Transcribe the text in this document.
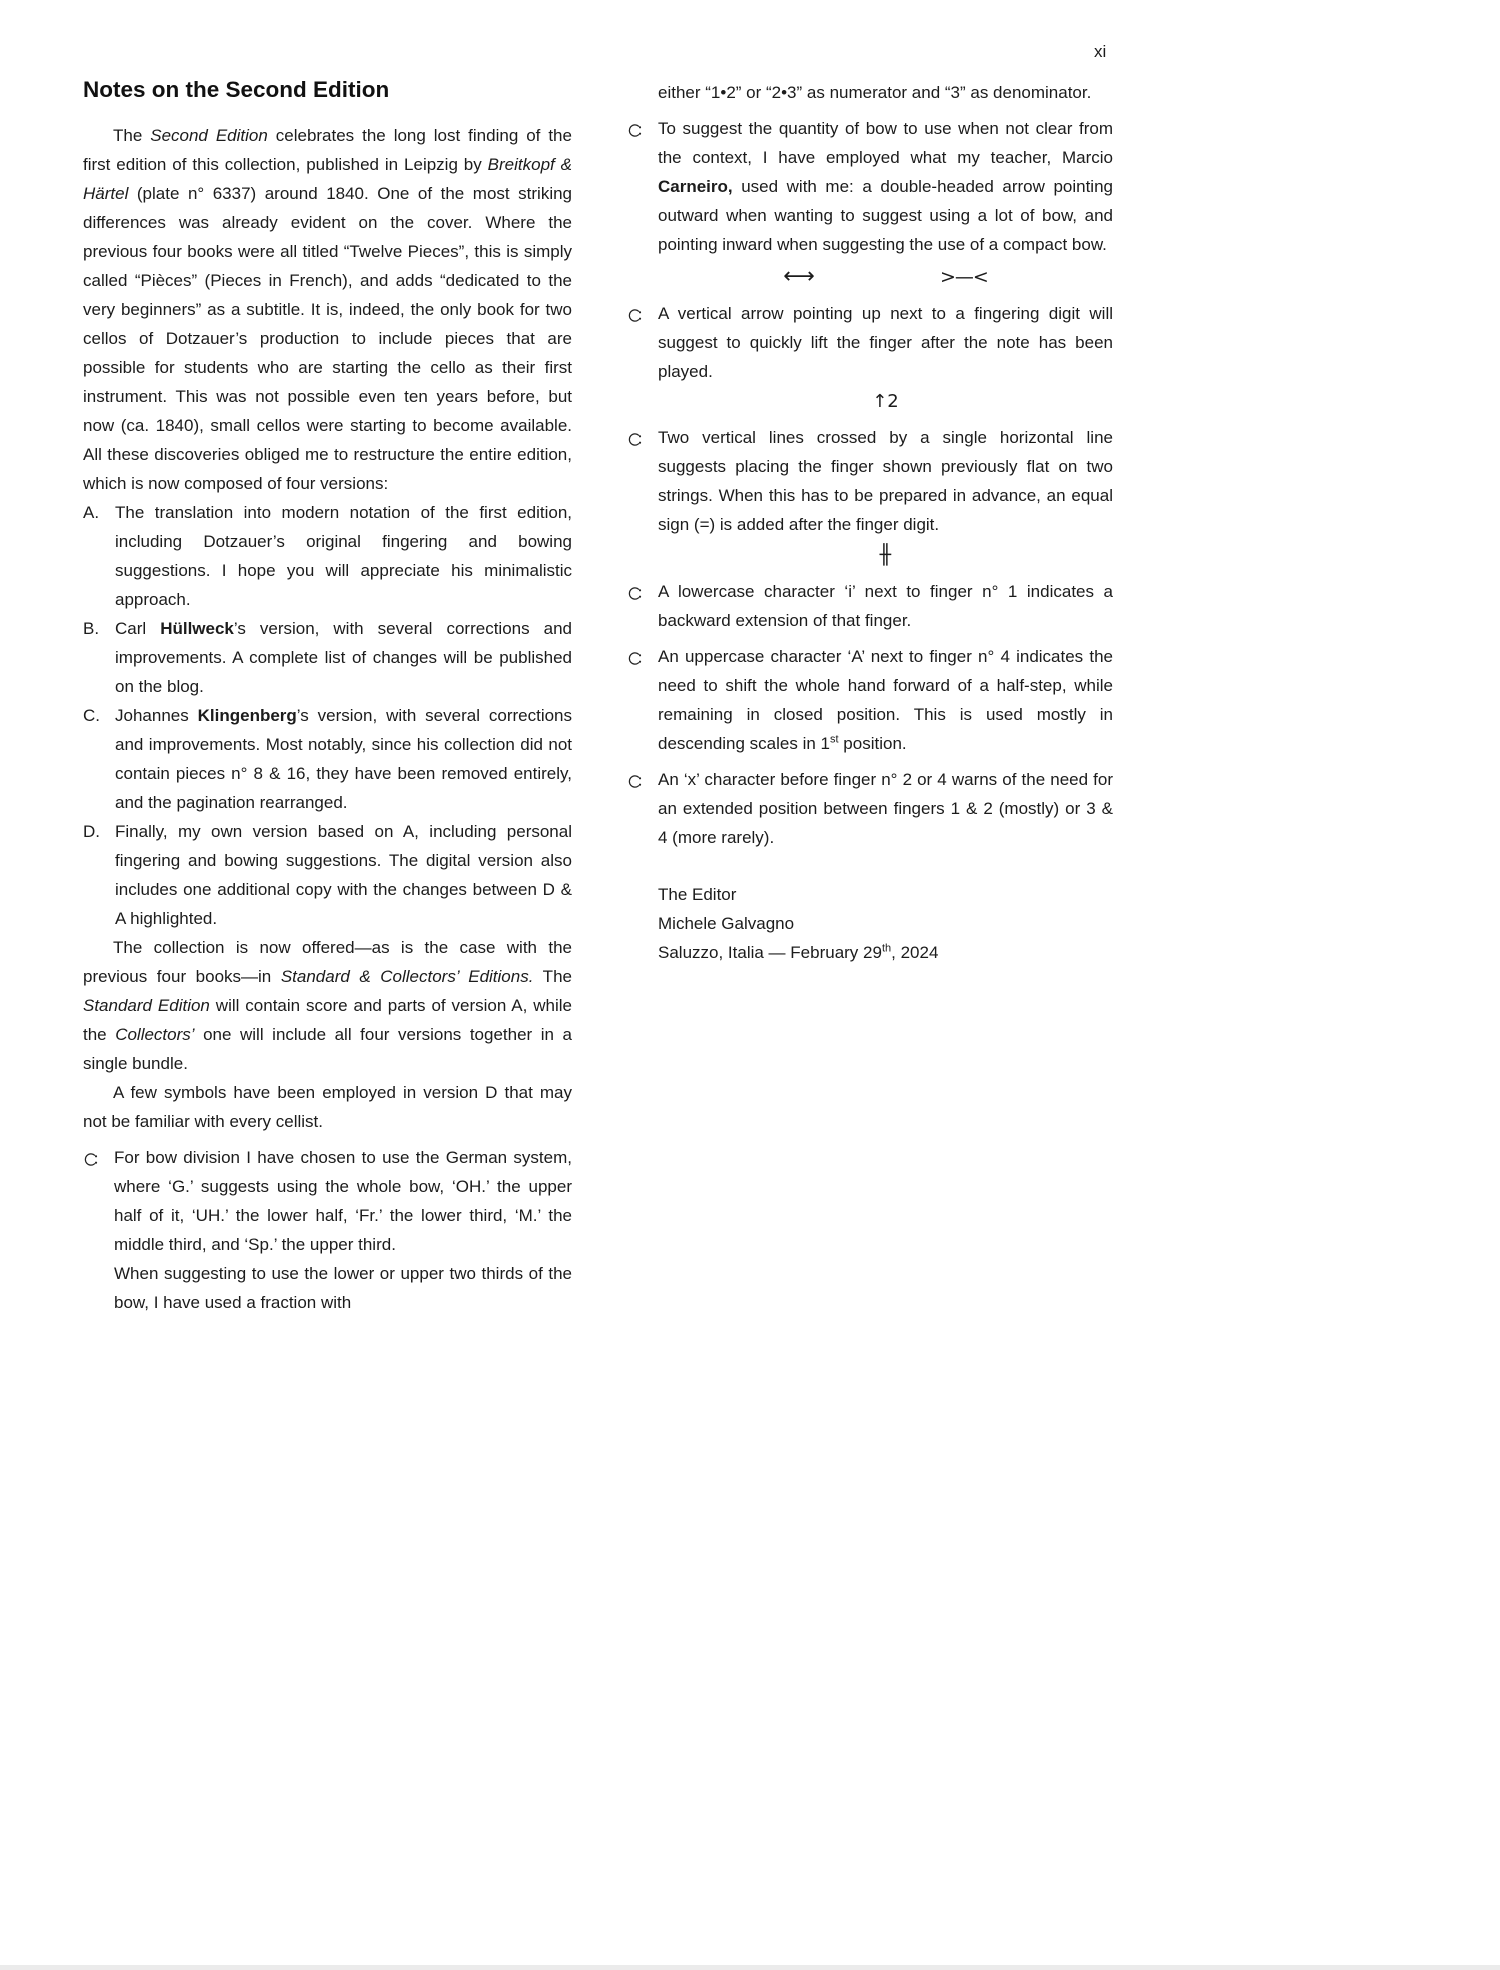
xi
Notes on the Second Edition

The Second Edition celebrates the long lost finding of the first edition of this collection, published in Leipzig by Breitkopf & Härtel (plate n° 6337) around 1840. One of the most striking differences was already evident on the cover. Where the previous four books were all titled “Twelve Pieces”, this is simply called “Pièces” (Pieces in French), and adds “dedicated to the very beginners” as a subtitle. It is, indeed, the only book for two cellos of Dotzauer’s production to include pieces that are possible for students who are starting the cello as their first instrument. This was not possible even ten years before, but now (ca. 1840), small cellos were starting to become available. All these discoveries obliged me to restructure the entire edition, which is now composed of four versions:

A. The translation into modern notation of the first edition, including Dotzauer’s original fingering and bowing suggestions. I hope you will appreciate his minimalistic approach.
B. Carl Hüllweck’s version, with several corrections and improvements. A complete list of changes will be published on the blog.
C. Johannes Klingenberg’s version, with several corrections and improvements. Most notably, since his collection did not contain pieces n° 8 & 16, they have been removed entirely, and the pagination rearranged.
D. Finally, my own version based on A, including personal fingering and bowing suggestions. The digital version also includes one additional copy with the changes between D & A highlighted.

The collection is now offered—as is the case with the previous four books—in Standard & Collectors’ Editions. The Standard Edition will contain score and parts of version A, while the Collectors’ one will include all four versions together in a single bundle.

A few symbols have been employed in version D that may not be familiar with every cellist.

For bow division I have chosen to use the German system, where ‘G.’ suggests using the whole bow, ‘OH.’ the upper half of it, ‘UH.’ the lower half, ‘Fr.’ the lower third, ‘M.’ the middle third, and ‘Sp.’ the upper third.

When suggesting to use the lower or upper two thirds of the bow, I have used a fraction with

either “1•2” or “2•3” as numerator and “3” as denominator.

To suggest the quantity of bow to use when not clear from the context, I have employed what my teacher, Marcio Carneiro, used with me: a double-headed arrow pointing outward when wanting to suggest using a lot of bow, and pointing inward when suggesting the use of a compact bow.
⟷	>—<
A vertical arrow pointing up next to a fingering digit will suggest to quickly lift the finger after the note has been played.
↑2
Two vertical lines crossed by a single horizontal line suggests placing the finger shown previously flat on two strings. When this has to be prepared in advance, an equal sign (=) is added after the finger digit.
╫
A lowercase character ‘i’ next to finger n° 1 indicates a backward extension of that finger.
An uppercase character ‘A’ next to finger n° 4 indicates the need to shift the whole hand forward of a half-step, while remaining in closed position. This is used mostly in descending scales in 1st position.
An ‘x’ character before finger n° 2 or 4 warns of the need for an extended position between fingers 1 & 2 (mostly) or 3 & 4 (more rarely).

The Editor

Michele Galvagno

Saluzzo, Italia — February 29th, 2024
